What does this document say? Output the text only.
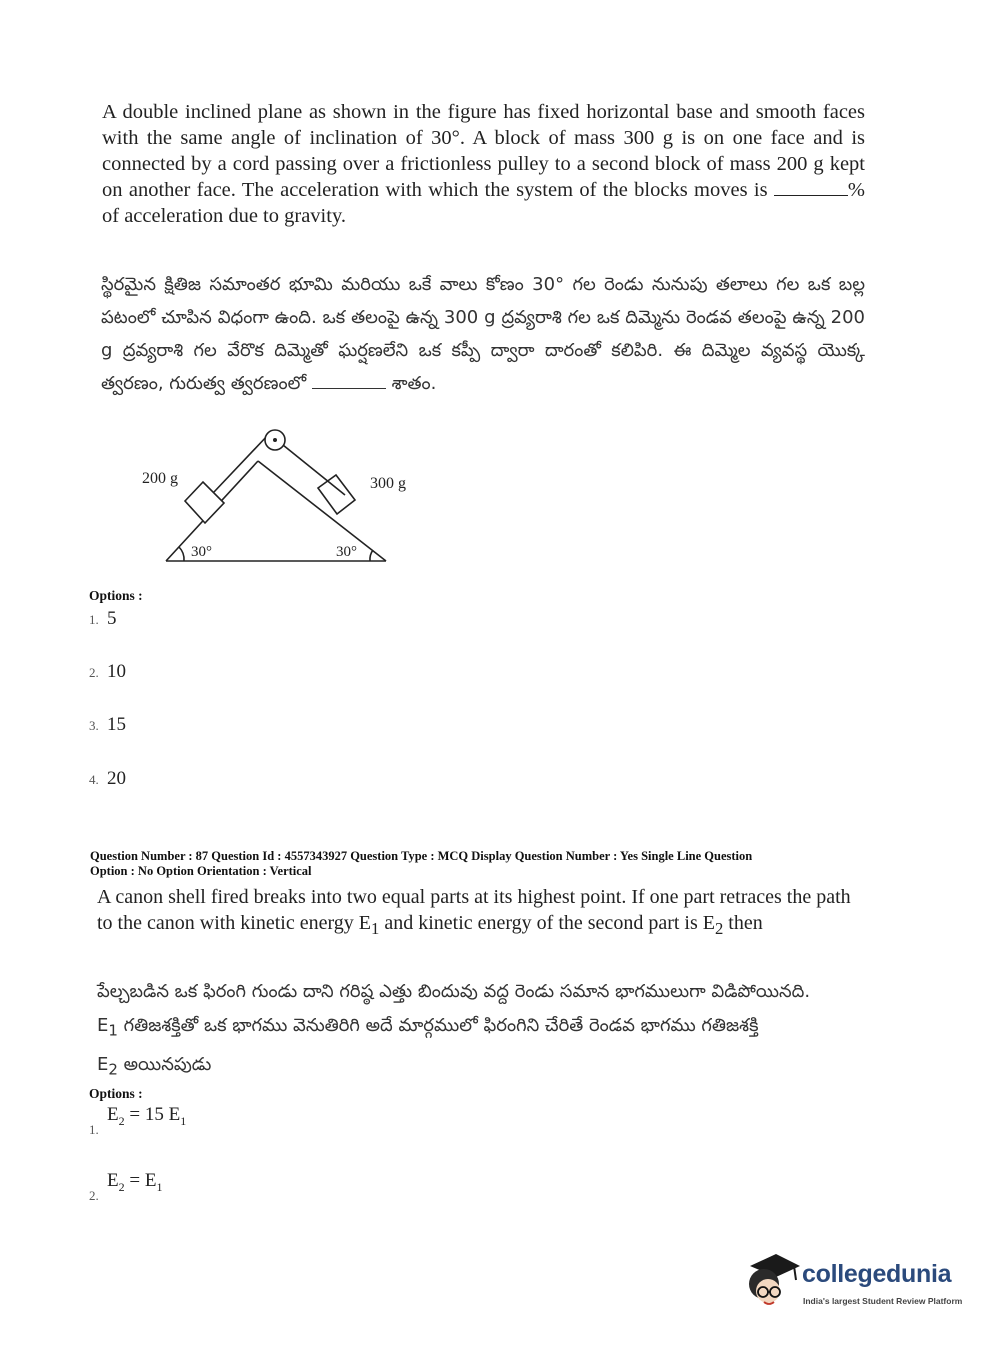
A double inclined plane as shown in the figure has fixed horizontal base and smooth faces with the same angle of inclination of 30°. A block of mass 300 g is on one face and is connected by a cord passing over a frictionless pulley to a second block of mass 200 g kept on another face. The acceleration with which the system of the blocks moves is	% of acceleration due to gravity.
స్థిరమైన క్షితిజ సమాంతర భూమి మరియు ఒకే వాలు కోణం 30° గల రెండు నునుపు తలాలు గల ఒక బల్ల పటంలో చూపిన విధంగా ఉంది. ఒక తలంపై ఉన్న 300 g ద్రవ్యరాశి గల ఒక దిమ్మెను రెండవ తలంపై ఉన్న 200 g ద్రవ్యరాశి గల వేరొక దిమ్మెతో ఘర్షణలేని ఒక కప్పీ ద్వారా దారంతో కలిపిరి. ఈ దిమ్మెల వ్యవస్థ యొక్క త్వరణం, గురుత్వ త్వరణంలో	శాతం.
200 g	300 g
30°	30°
Options :
1. 5
2. 10
3. 15
4. 20
Question Number : 87 Question Id : 4557343927 Question Type : MCQ Display Question Number : Yes Single Line Question
Option : No Option Orientation : Vertical
A canon shell fired breaks into two equal parts at its highest point. If one part retraces the path to the canon with kinetic energy $E_1$ and kinetic energy of the second part is $E_2$ then
పేల్చబడిన ఒక ఫిరంగి గుండు దాని గరిష్ఠ ఎత్తు బిందువు వద్ద రెండు సమాన భాగములుగా విడిపోయినది.
$E_1$ గతిజశక్తితో ఒక భాగము వెనుతిరిగి అదే మార్గములో ఫిరంగిని చేరితే రెండవ భాగము గతిజశక్తి
$E_2$ అయినపుడు
Options :
1. $E_2 = 15$ $E_1$
2. $E_2 = E_1$
collegedunia
India's largest Student Review Platform
